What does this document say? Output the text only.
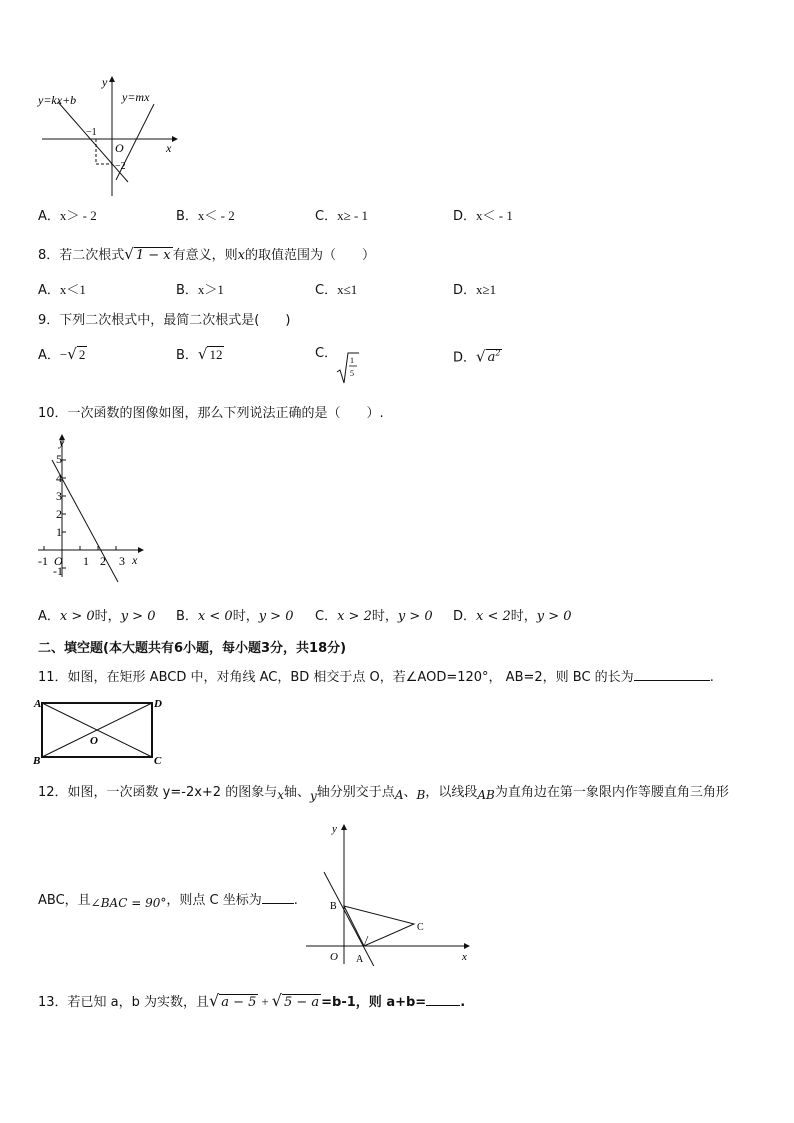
y=kx+b	y=mx
y
x
O
−1
−2
A．x＞ - 2	B．x＜ - 2	C．x≥ - 1	D．x＜ - 1
8．若二次根式√ 1 − x 有意义，则x的取值范围为（　　）
A．x＜1	B．x＞1	C．x≤1	D．x≥1
9．下列二次根式中，最简二次根式是(　　)
A．−√ 2	B．√ 12	C． 1
5
D．√ $a^2$
10．一次函数的图像如图，那么下列说法正确的是（　　）.
y
x
O
5
4
3
2
1
-1
-1	1 2 3
A．x > 0时，y > 0 B．x < 0时，y > 0 C．x > 2时，y > 0 D．x < 2时，y > 0
二、填空题(本大题共有6小题，每小题3分，共18分)
11．如图，在矩形 ABCD 中，对角线 AC，BD 相交于点 O，若∠AOD=120°， AB=2，则 BC 的长为	.
A	D
B	C
O
12．如图，一次函数 y=-2x+2 的图象与x轴、y轴分别交于点A、B，以线段AB为直角边在第一象限内作等腰直角三角形
ABC，且∠BAC = 90°，则点 C 坐标为 .
y
x
O A
B
C
13．若已知 a，b 为实数，且√ a − 5 + √ 5 − a =b-1，则 a+b=	.
